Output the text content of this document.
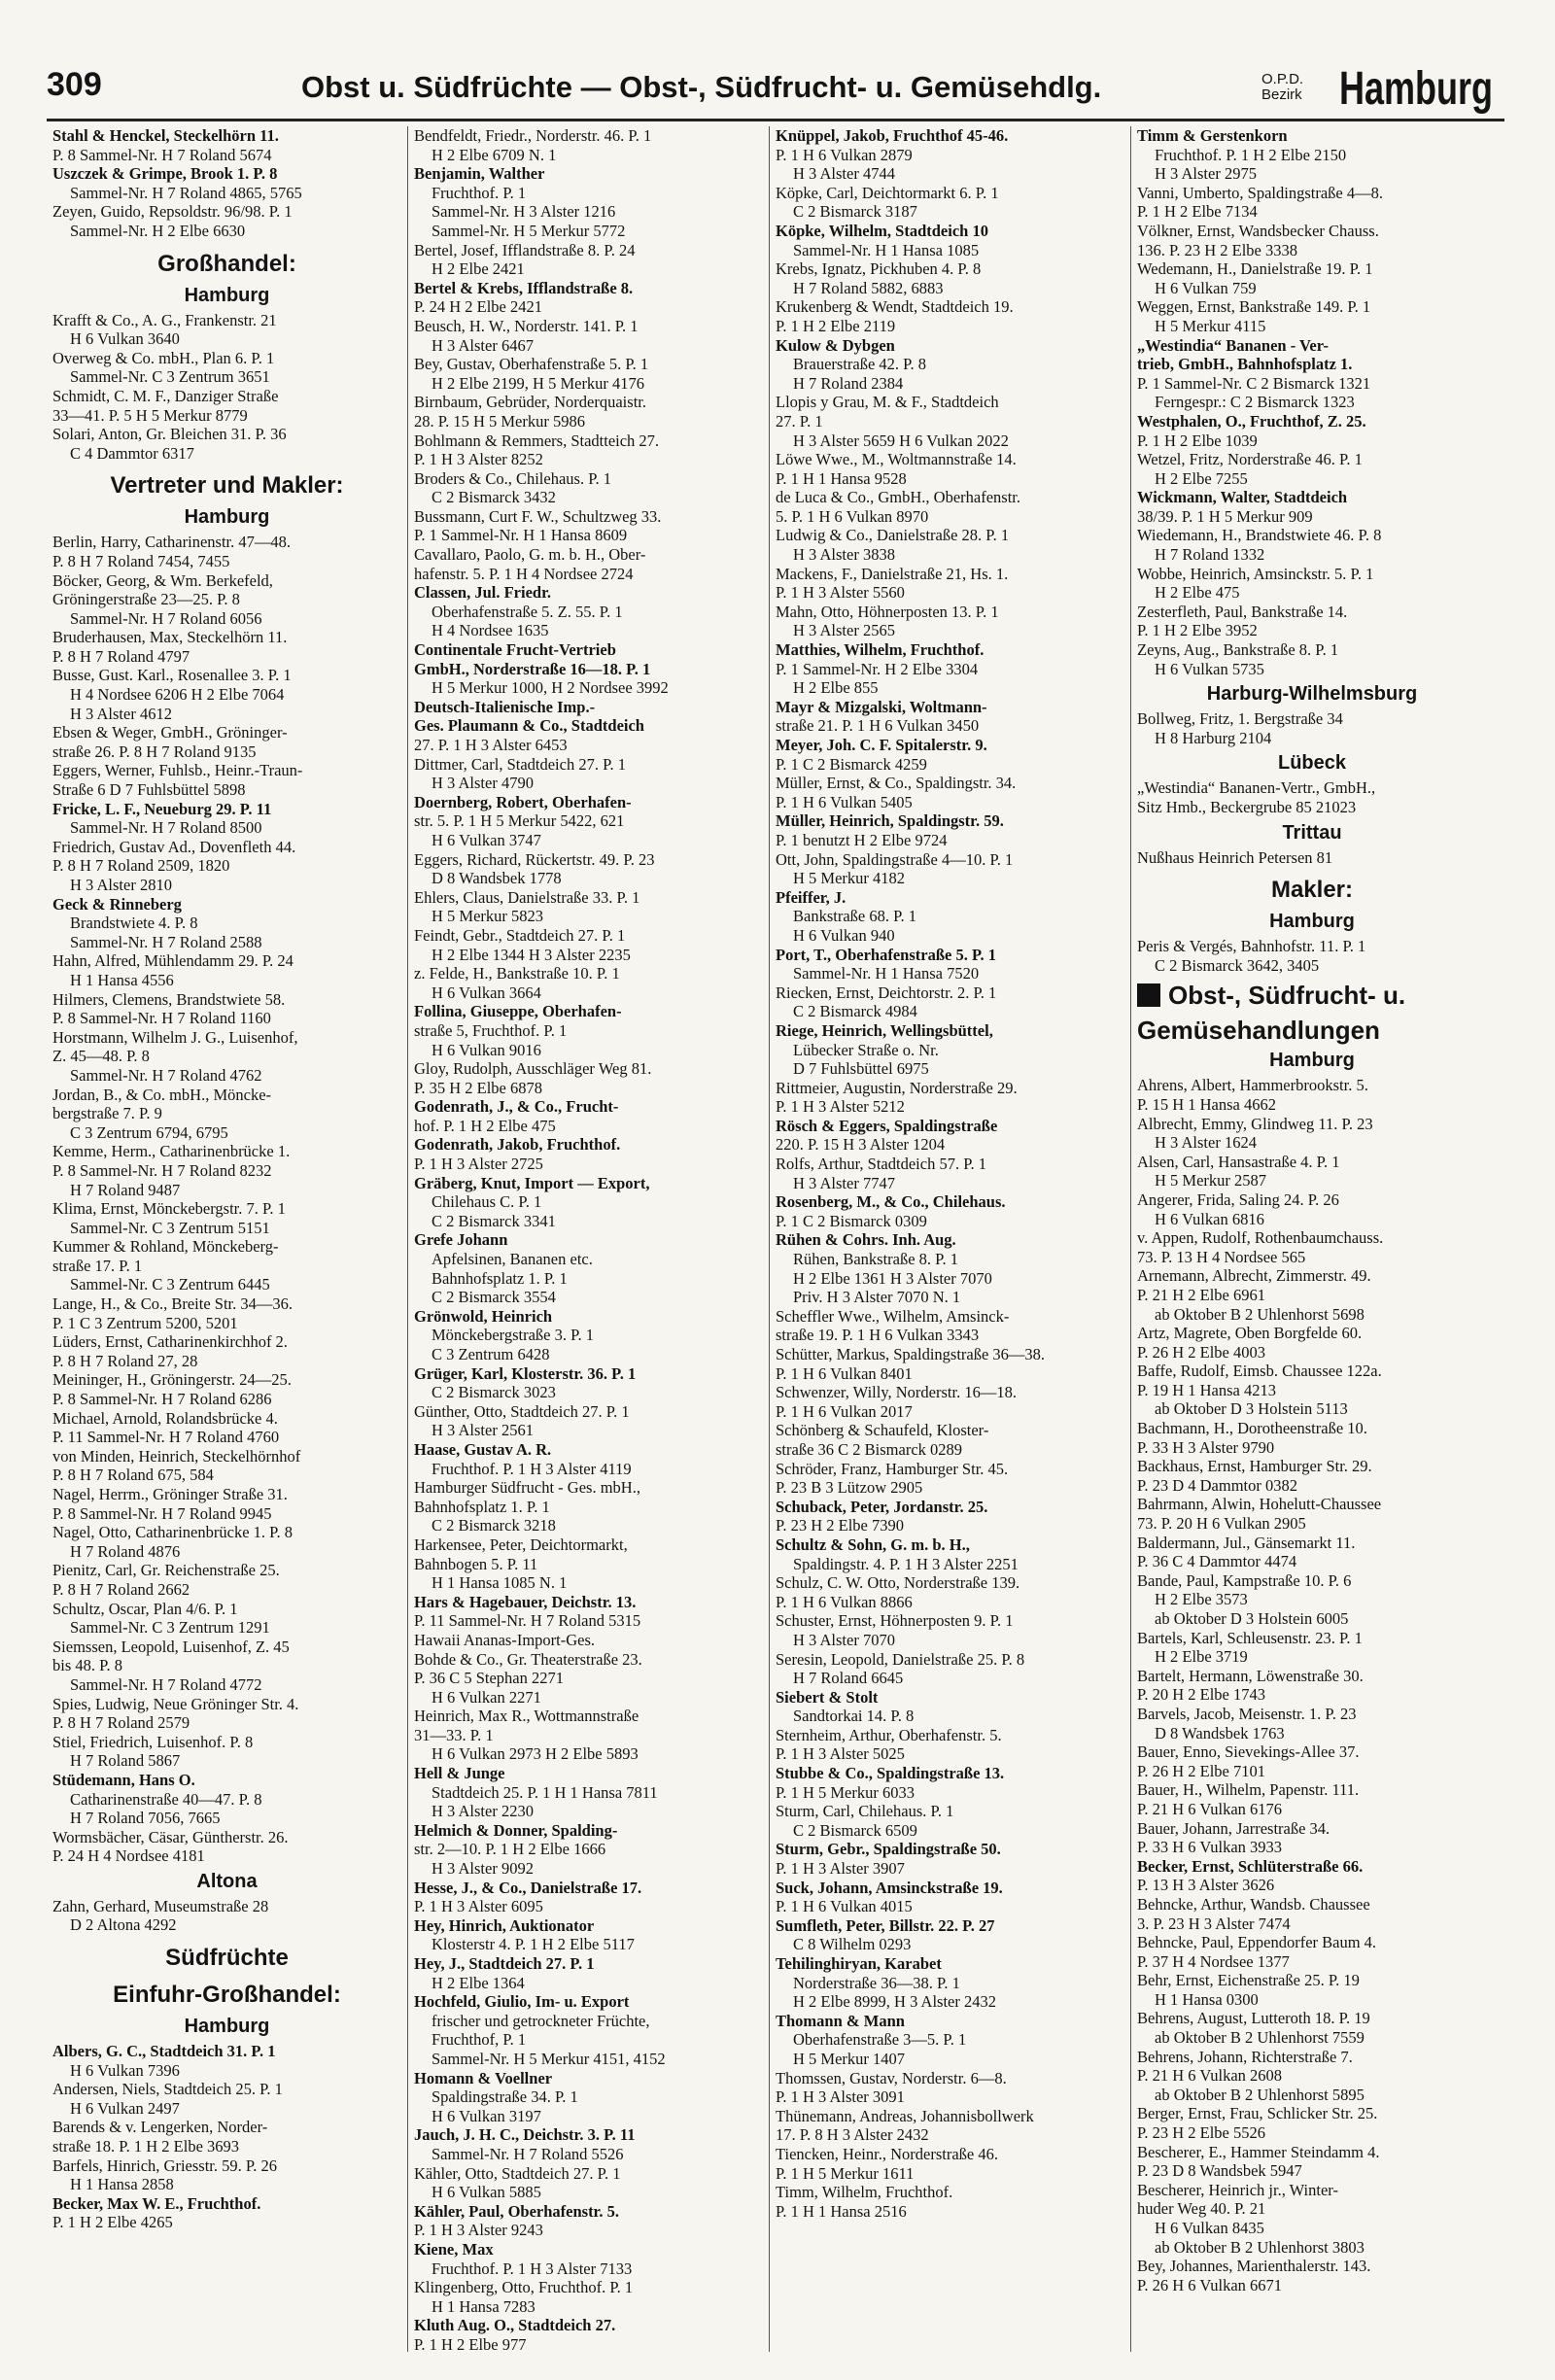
309	Obst u. Südfrüchte — Obst-, Südfrucht- u. Gemüsehdlg.	O.P.D.
Bezirk Hamburg
Stahl & Henckel, Steckelhörn 11.
P. 8 Sammel-Nr. H 7 Roland 5674
Uszczek & Grimpe, Brook 1. P. 8
Sammel-Nr. H 7 Roland 4865, 5765
Zeyen, Guido, Repsoldstr. 96/98. P. 1
Sammel-Nr. H 2 Elbe 6630
Großhandel:
Hamburg
Krafft & Co., A. G., Frankenstr. 21
H 6 Vulkan 3640
Overweg & Co. mbH., Plan 6. P. 1
Sammel-Nr. C 3 Zentrum 3651
Schmidt, C. M. F., Danziger Straße
33—41. P. 5 H 5 Merkur 8779
Solari, Anton, Gr. Bleichen 31. P. 36
C 4 Dammtor 6317
Vertreter und Makler:
Hamburg
Berlin, Harry, Catharinenstr. 47—48.
P. 8 H 7 Roland 7454, 7455
Böcker, Georg, & Wm. Berkefeld,
Gröningerstraße 23—25. P. 8
Sammel-Nr. H 7 Roland 6056
Bruderhausen, Max, Steckelhörn 11.
P. 8 H 7 Roland 4797
Busse, Gust. Karl., Rosenallee 3. P. 1
H 4 Nordsee 6206 H 2 Elbe 7064
H 3 Alster 4612
Ebsen & Weger, GmbH., Gröninger-
straße 26. P. 8 H 7 Roland 9135
Eggers, Werner, Fuhlsb., Heinr.-Traun-
Straße 6 D 7 Fuhlsbüttel 5898
Fricke, L. F., Neueburg 29. P. 11
Sammel-Nr. H 7 Roland 8500
Friedrich, Gustav Ad., Dovenfleth 44.
P. 8 H 7 Roland 2509, 1820
H 3 Alster 2810
Geck & Rinneberg
Brandstwiete 4. P. 8
Sammel-Nr. H 7 Roland 2588
Hahn, Alfred, Mühlendamm 29. P. 24
H 1 Hansa 4556
Hilmers, Clemens, Brandstwiete 58.
P. 8 Sammel-Nr. H 7 Roland 1160
Horstmann, Wilhelm J. G., Luisenhof,
Z. 45—48. P. 8
Sammel-Nr. H 7 Roland 4762
Jordan, B., & Co. mbH., Mönckе-
bergstraße 7. P. 9
C 3 Zentrum 6794, 6795
Kemme, Herm., Catharinenbrücke 1.
P. 8 Sammel-Nr. H 7 Roland 8232
H 7 Roland 9487
Klima, Ernst, Mönckebergstr. 7. P. 1
Sammel-Nr. C 3 Zentrum 5151
Kummer & Rohland, Mönckeberg-
straße 17. P. 1
Sammel-Nr. C 3 Zentrum 6445
Lange, H., & Co., Breite Str. 34—36.
P. 1 C 3 Zentrum 5200, 5201
Lüders, Ernst, Catharinenkirchhof 2.
P. 8 H 7 Roland 27, 28
Meininger, H., Gröningerstr. 24—25.
P. 8 Sammel-Nr. H 7 Roland 6286
Michael, Arnold, Rolandsbrücke 4.
P. 11 Sammel-Nr. H 7 Roland 4760
von Minden, Heinrich, Steckelhörnhof
P. 8 H 7 Roland 675, 584
Nagel, Herrm., Gröninger Straße 31.
P. 8 Sammel-Nr. H 7 Roland 9945
Nagel, Otto, Catharinenbrücke 1. P. 8
H 7 Roland 4876
Pienitz, Carl, Gr. Reichenstraße 25.
P. 8 H 7 Roland 2662
Schultz, Oscar, Plan 4/6. P. 1
Sammel-Nr. C 3 Zentrum 1291
Siemssen, Leopold, Luisenhof, Z. 45
bis 48. P. 8
Sammel-Nr. H 7 Roland 4772
Spies, Ludwig, Neue Gröninger Str. 4.
P. 8 H 7 Roland 2579
Stiel, Friedrich, Luisenhof. P. 8
H 7 Roland 5867
Stüdemann, Hans O.
Catharinenstraße 40—47. P. 8
H 7 Roland 7056, 7665
Wormsbächer, Cäsar, Güntherstr. 26.
P. 24 H 4 Nordsee 4181
Altona
Zahn, Gerhard, Museumstraße 28
D 2 Altona 4292
Südfrüchte
Einfuhr-Großhandel:
Hamburg
Albers, G. C., Stadtdeich 31. P. 1
H 6 Vulkan 7396
Andersen, Niels, Stadtdeich 25. P. 1
H 6 Vulkan 2497
Barends & v. Lengerken, Norder-
straße 18. P. 1 H 2 Elbe 3693
Barfels, Hinrich, Griesstr. 59. P. 26
H 1 Hansa 2858
Becker, Max W. E., Fruchthof.
P. 1 H 2 Elbe 4265
Bendfeldt, Friedr., Norderstr. 46. P. 1
H 2 Elbe 6709 N. 1
Benjamin, Walther
Fruchthof. P. 1
Sammel-Nr. H 3 Alster 1216
Sammel-Nr. H 5 Merkur 5772
Bertel, Josef, Ifflandstraße 8. P. 24
H 2 Elbe 2421
Bertel & Krebs, Ifflandstraße 8.
P. 24 H 2 Elbe 2421
Beusch, H. W., Norderstr. 141. P. 1
H 3 Alster 6467
Bey, Gustav, Oberhafenstraße 5. P. 1
H 2 Elbe 2199, H 5 Merkur 4176
Birnbaum, Gebrüder, Norderquaistr.
28. P. 15 H 5 Merkur 5986
Bohlmann & Remmers, Stadtteich 27.
P. 1 H 3 Alster 8252
Broders & Co., Chilehaus. P. 1
C 2 Bismarck 3432
Bussmann, Curt F. W., Schultzweg 33.
P. 1 Sammel-Nr. H 1 Hansa 8609
Cavallaro, Paolo, G. m. b. H., Ober-
hafenstr. 5. P. 1 H 4 Nordsee 2724
Classen, Jul. Friedr.
Oberhafenstraße 5. Z. 55. P. 1
H 4 Nordsee 1635
Continentale Frucht-Vertrieb
GmbH., Norderstraße 16—18. P. 1
H 5 Merkur 1000, H 2 Nordsee 3992
Deutsch-Italienische Imp.-
Ges. Plaumann & Co., Stadtdeich
27. P. 1 H 3 Alster 6453
Dittmer, Carl, Stadtdeich 27. P. 1
H 3 Alster 4790
Doernberg, Robert, Oberhafen-
str. 5. P. 1 H 5 Merkur 5422, 621
H 6 Vulkan 3747
Eggers, Richard, Rückertstr. 49. P. 23
D 8 Wandsbek 1778
Ehlers, Claus, Danielstraße 33. P. 1
H 5 Merkur 5823
Feindt, Gebr., Stadtdeich 27. P. 1
H 2 Elbe 1344 H 3 Alster 2235
z. Felde, H., Bankstraße 10. P. 1
H 6 Vulkan 3664
Follina, Giuseppe, Oberhafen-
straße 5, Fruchthof. P. 1
H 6 Vulkan 9016
Gloy, Rudolph, Ausschläger Weg 81.
P. 35 H 2 Elbe 6878
Godenrath, J., & Co., Frucht-
hof. P. 1 H 2 Elbe 475
Godenrath, Jakob, Fruchthof.
P. 1 H 3 Alster 2725
Gräberg, Knut, Import — Export,
Chilehaus C. P. 1
C 2 Bismarck 3341
Grefe Johann
Apfelsinen, Bananen etc.
Bahnhofsplatz 1. P. 1
C 2 Bismarck 3554
Grönwold, Heinrich
Mönckebergstraße 3. P. 1
C 3 Zentrum 6428
Grüger, Karl, Klosterstr. 36. P. 1
C 2 Bismarck 3023
Günther, Otto, Stadtdeich 27. P. 1
H 3 Alster 2561
Haase, Gustav A. R.
Fruchthof. P. 1 H 3 Alster 4119
Hamburger Südfrucht - Ges. mbH.,
Bahnhofsplatz 1. P. 1
C 2 Bismarck 3218
Harkensee, Peter, Deichtormarkt,
Bahnbogen 5. P. 11
H 1 Hansa 1085 N. 1
Hars & Hagebauer, Deichstr. 13.
P. 11 Sammel-Nr. H 7 Roland 5315
Hawaii Ananas-Import-Ges.
Bohde & Co., Gr. Theaterstraße 23.
P. 36 C 5 Stephan 2271
H 6 Vulkan 2271
Heinrich, Max R., Wottmannstraße
31—33. P. 1
H 6 Vulkan 2973 H 2 Elbe 5893
Hell & Junge
Stadtdeich 25. P. 1 H 1 Hansa 7811
H 3 Alster 2230
Helmich & Donner, Spalding-
str. 2—10. P. 1 H 2 Elbe 1666
H 3 Alster 9092
Hesse, J., & Co., Danielstraße 17.
P. 1 H 3 Alster 6095
Hey, Hinrich, Auktionator
Klosterstr 4. P. 1 H 2 Elbe 5117
Hey, J., Stadtdeich 27. P. 1
H 2 Elbe 1364
Hochfeld, Giulio, Im- u. Export
frischer und getrockneter Früchte,
Fruchthof, P. 1
Sammel-Nr. H 5 Merkur 4151, 4152
Homann & Voellner
Spaldingstraße 34. P. 1
H 6 Vulkan 3197
Jauch, J. H. C., Deichstr. 3. P. 11
Sammel-Nr. H 7 Roland 5526
Kähler, Otto, Stadtdeich 27. P. 1
H 6 Vulkan 5885
Kähler, Paul, Oberhafenstr. 5.
P. 1 H 3 Alster 9243
Kiene, Max
Fruchthof. P. 1 H 3 Alster 7133
Klingenberg, Otto, Fruchthof. P. 1
H 1 Hansa 7283
Kluth Aug. O., Stadtdeich 27.
P. 1 H 2 Elbe 977
Knüppel, Jakob, Fruchthof 45-46.
P. 1 H 6 Vulkan 2879
H 3 Alster 4744
Köpke, Carl, Deichtormarkt 6. P. 1
C 2 Bismarck 3187
Köpke, Wilhelm, Stadtdeich 10
Sammel-Nr. H 1 Hansa 1085
Krebs, Ignatz, Pickhuben 4. P. 8
H 7 Roland 5882, 6883
Krukenberg & Wendt, Stadtdeich 19.
P. 1 H 2 Elbe 2119
Kulow & Dybgen
Brauerstraße 42. P. 8
H 7 Roland 2384
Llopis y Grau, M. & F., Stadtdeich
27. P. 1
H 3 Alster 5659 H 6 Vulkan 2022
Löwe Wwe., M., Woltmannstraße 14.
P. 1 H 1 Hansa 9528
de Luca & Co., GmbH., Oberhafenstr.
5. P. 1 H 6 Vulkan 8970
Ludwig & Co., Danielstraße 28. P. 1
H 3 Alster 3838
Mackens, F., Danielstraße 21, Hs. 1.
P. 1 H 3 Alster 5560
Mahn, Otto, Höhnerposten 13. P. 1
H 3 Alster 2565
Matthies, Wilhelm, Fruchthof.
P. 1 Sammel-Nr. H 2 Elbe 3304
H 2 Elbe 855
Mayr & Mizgalski, Woltmann-
straße 21. P. 1 H 6 Vulkan 3450
Meyer, Joh. C. F. Spitalerstr. 9.
P. 1 C 2 Bismarck 4259
Müller, Ernst, & Co., Spaldingstr. 34.
P. 1 H 6 Vulkan 5405
Müller, Heinrich, Spaldingstr. 59.
P. 1 benutzt H 2 Elbe 9724
Ott, John, Spaldingstraße 4—10. P. 1
H 5 Merkur 4182
Pfeiffer, J.
Bankstraße 68. P. 1
H 6 Vulkan 940
Port, T., Oberhafenstraße 5. P. 1
Sammel-Nr. H 1 Hansa 7520
Riecken, Ernst, Deichtorstr. 2. P. 1
C 2 Bismarck 4984
Riege, Heinrich, Wellingsbüttel,
Lübecker Straße o. Nr.
D 7 Fuhlsbüttel 6975
Rittmeier, Augustin, Norderstraße 29.
P. 1 H 3 Alster 5212
Rösch & Eggers, Spaldingstraße
220. P. 15 H 3 Alster 1204
Rolfs, Arthur, Stadtdeich 57. P. 1
H 3 Alster 7747
Rosenberg, M., & Co., Chilehaus.
P. 1 C 2 Bismarck 0309
Rühen & Cohrs. Inh. Aug.
Rühen, Bankstraße 8. P. 1
H 2 Elbe 1361 H 3 Alster 7070
Priv. H 3 Alster 7070 N. 1
Scheffler Wwe., Wilhelm, Amsinck-
straße 19. P. 1 H 6 Vulkan 3343
Schütter, Markus, Spaldingstraße 36—38.
P. 1 H 6 Vulkan 8401
Schwenzer, Willy, Norderstr. 16—18.
P. 1 H 6 Vulkan 2017
Schönberg & Schaufeld, Kloster-
straße 36 C 2 Bismarck 0289
Schröder, Franz, Hamburger Str. 45.
P. 23 B 3 Lützow 2905
Schuback, Peter, Jordanstr. 25.
P. 23 H 2 Elbe 7390
Schultz & Sohn, G. m. b. H.,
Spaldingstr. 4. P. 1 H 3 Alster 2251
Schulz, C. W. Otto, Norderstraße 139.
P. 1 H 6 Vulkan 8866
Schuster, Ernst, Höhnerposten 9. P. 1
H 3 Alster 7070
Seresin, Leopold, Danielstraße 25. P. 8
H 7 Roland 6645
Siebert & Stolt
Sandtorkai 14. P. 8
Sternheim, Arthur, Oberhafenstr. 5.
P. 1 H 3 Alster 5025
Stubbe & Co., Spaldingstraße 13.
P. 1 H 5 Merkur 6033
Sturm, Carl, Chilehaus. P. 1
C 2 Bismarck 6509
Sturm, Gebr., Spaldingstraße 50.
P. 1 H 3 Alster 3907
Suck, Johann, Amsinckstraße 19.
P. 1 H 6 Vulkan 4015
Sumfleth, Peter, Billstr. 22. P. 27
C 8 Wilhelm 0293
Tehilinghiryan, Karabet
Norderstraße 36—38. P. 1
H 2 Elbe 8999, H 3 Alster 2432
Thomann & Mann
Oberhafenstraße 3—5. P. 1
H 5 Merkur 1407
Thomssen, Gustav, Norderstr. 6—8.
P. 1 H 3 Alster 3091
Thünemann, Andreas, Johannisbollwerk
17. P. 8 H 3 Alster 2432
Tiencken, Heinr., Norderstraße 46.
P. 1 H 5 Merkur 1611
Timm, Wilhelm, Fruchthof.
P. 1 H 1 Hansa 2516
Timm & Gerstenkorn
Fruchthof. P. 1 H 2 Elbe 2150
H 3 Alster 2975
Vanni, Umberto, Spaldingstraße 4—8.
P. 1 H 2 Elbe 7134
Völkner, Ernst, Wandsbecker Chauss.
136. P. 23 H 2 Elbe 3338
Wedemann, H., Danielstraße 19. P. 1
H 6 Vulkan 759
Weggen, Ernst, Bankstraße 149. P. 1
H 5 Merkur 4115
„Westindia“ Bananen - Ver-
trieb, GmbH., Bahnhofsplatz 1.
P. 1 Sammel-Nr. C 2 Bismarck 1321
Ferngespr.: C 2 Bismarck 1323
Westphalen, O., Fruchthof, Z. 25.
P. 1 H 2 Elbe 1039
Wetzel, Fritz, Norderstraße 46. P. 1
H 2 Elbe 7255
Wickmann, Walter, Stadtdeich
38/39. P. 1 H 5 Merkur 909
Wiedemann, H., Brandstwiete 46. P. 8
H 7 Roland 1332
Wobbe, Heinrich, Amsinckstr. 5. P. 1
H 2 Elbe 475
Zesterfleth, Paul, Bankstraße 14.
P. 1 H 2 Elbe 3952
Zeyns, Aug., Bankstraße 8. P. 1
H 6 Vulkan 5735
Harburg-Wilhelmsburg
Bollweg, Fritz, 1. Bergstraße 34
H 8 Harburg 2104
Lübeck
„Westindia“ Bananen-Vertr., GmbH.,
Sitz Hmb., Beckergrube 85 21023
Trittau
Nußhaus Heinrich Petersen 81
Makler:
Hamburg
Peris & Vergés, Bahnhofstr. 11. P. 1
C 2 Bismarck 3642, 3405
Obst-, Südfrucht- u.
Gemüsehandlungen
Hamburg
Ahrens, Albert, Hammerbrookstr. 5.
P. 15 H 1 Hansa 4662
Albrecht, Emmy, Glindweg 11. P. 23
H 3 Alster 1624
Alsen, Carl, Hansastraße 4. P. 1
H 5 Merkur 2587
Angerer, Frida, Saling 24. P. 26
H 6 Vulkan 6816
v. Appen, Rudolf, Rothenbaumchauss.
73. P. 13 H 4 Nordsee 565
Arnemann, Albrecht, Zimmerstr. 49.
P. 21 H 2 Elbe 6961
ab Oktober B 2 Uhlenhorst 5698
Artz, Magrete, Oben Borgfelde 60.
P. 26 H 2 Elbe 4003
Baffe, Rudolf, Eimsb. Chaussee 122a.
P. 19 H 1 Hansa 4213
ab Oktober D 3 Holstein 5113
Bachmann, H., Dorotheenstraße 10.
P. 33 H 3 Alster 9790
Backhaus, Ernst, Hamburger Str. 29.
P. 23 D 4 Dammtor 0382
Bahrmann, Alwin, Hohelutt-Chaussee
73. P. 20 H 6 Vulkan 2905
Baldermann, Jul., Gänsemarkt 11.
P. 36 C 4 Dammtor 4474
Bande, Paul, Kampstraße 10. P. 6
H 2 Elbe 3573
ab Oktober D 3 Holstein 6005
Bartels, Karl, Schleusenstr. 23. P. 1
H 2 Elbe 3719
Bartelt, Hermann, Löwenstraße 30.
P. 20 H 2 Elbe 1743
Barvels, Jacob, Meisenstr. 1. P. 23
D 8 Wandsbek 1763
Bauer, Enno, Sievekings-Allee 37.
P. 26 H 2 Elbe 7101
Bauer, H., Wilhelm, Papenstr. 111.
P. 21 H 6 Vulkan 6176
Bauer, Johann, Jarrestraße 34.
P. 33 H 6 Vulkan 3933
Becker, Ernst, Schlüterstraße 66.
P. 13 H 3 Alster 3626
Behncke, Arthur, Wandsb. Chaussee
3. P. 23 H 3 Alster 7474
Behncke, Paul, Eppendorfer Baum 4.
P. 37 H 4 Nordsee 1377
Behr, Ernst, Eichenstraße 25. P. 19
H 1 Hansa 0300
Behrens, August, Lutteroth 18. P. 19
ab Oktober B 2 Uhlenhorst 7559
Behrens, Johann, Richterstraße 7.
P. 21 H 6 Vulkan 2608
ab Oktober B 2 Uhlenhorst 5895
Berger, Ernst, Frau, Schlicker Str. 25.
P. 23 H 2 Elbe 5526
Bescherer, E., Hammer Steindamm 4.
P. 23 D 8 Wandsbek 5947
Bescherer, Heinrich jr., Winter-
huder Weg 40. P. 21
H 6 Vulkan 8435
ab Oktober B 2 Uhlenhorst 3803
Bey, Johannes, Marienthalerstr. 143.
P. 26 H 6 Vulkan 6671
